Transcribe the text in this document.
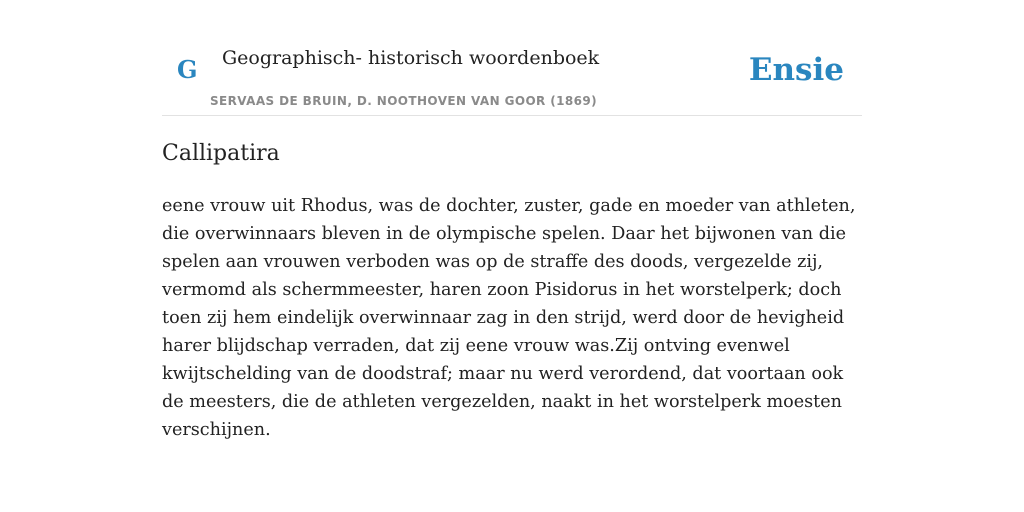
G Geographisch- historisch woordenboek
SERVAAS DE BRUIN, D. NOOTHOVEN VAN GOOR (1869)
Ensie
Callipatira

eene vrouw uit Rhodus, was de dochter, zuster, gade en moeder van athleten, die overwinnaars bleven in de olympische spelen. Daar het bijwonen van die spelen aan vrouwen verboden was op de straffe des doods, vergezelde zij, vermomd als schermmeester, haren zoon Pisidorus in het worstelperk; doch toen zij hem eindelijk overwinnaar zag in den strijd, werd door de hevigheid harer blijdschap verraden, dat zij eene vrouw was.Zij ontving evenwel kwijtschelding van de doodstraf; maar nu werd verordend, dat voortaan ook de meesters, die de athleten vergezelden, naakt in het worstelperk moesten verschijnen.
